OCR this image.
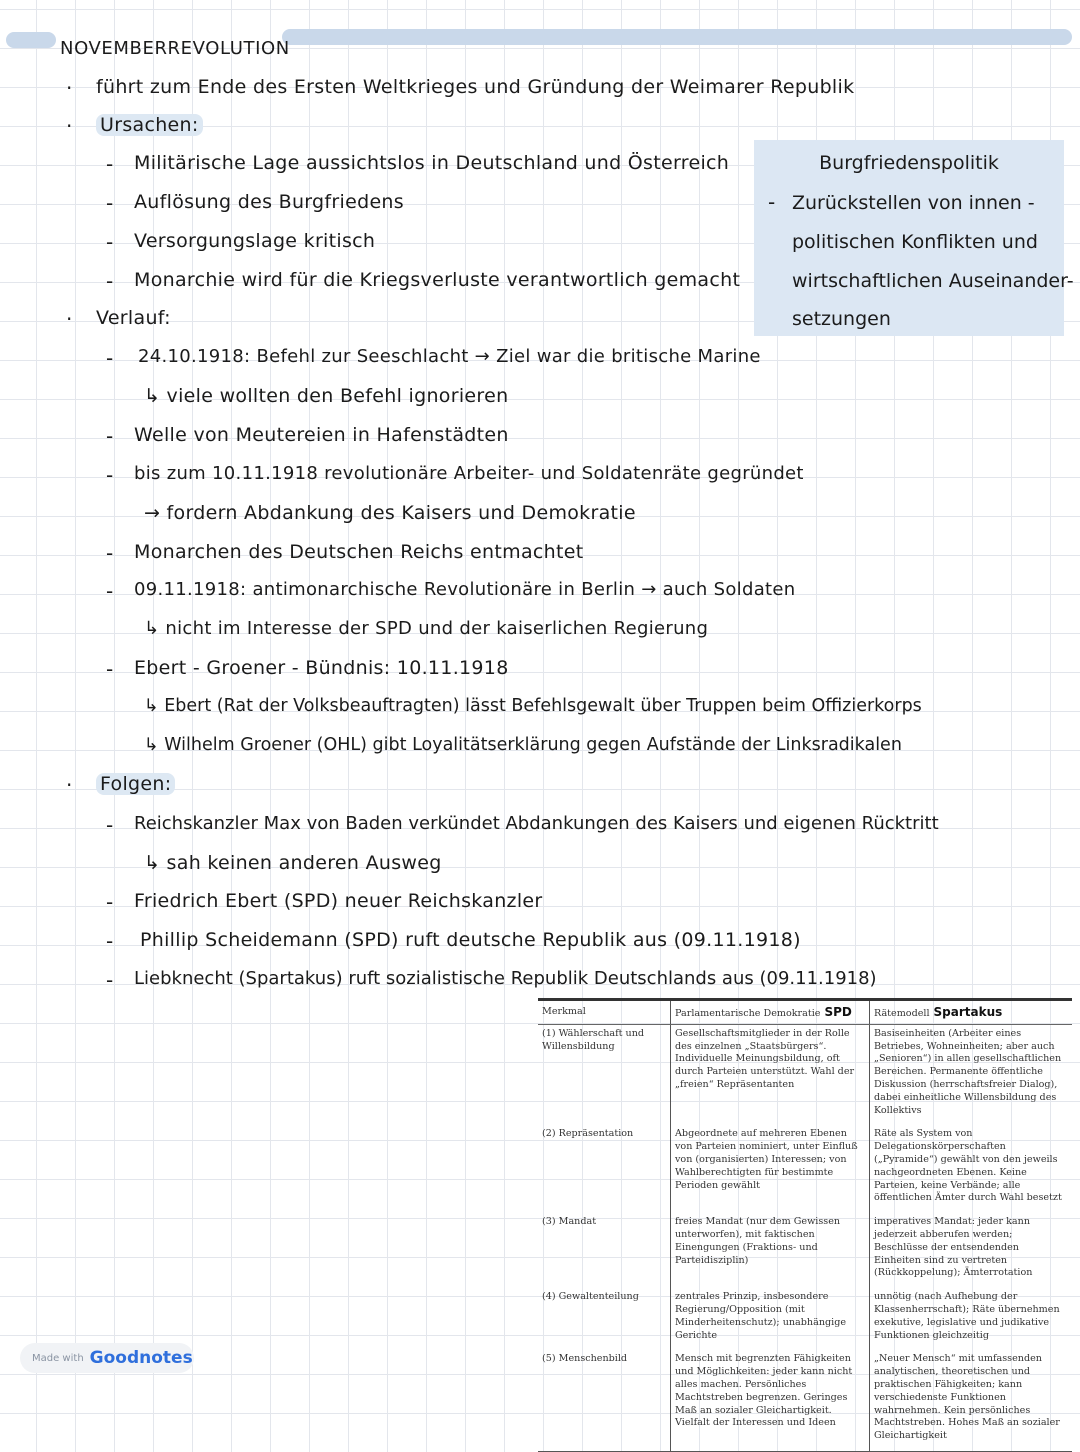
NOVEMBERREVOLUTION
· führt zum Ende des Ersten Weltkrieges und Gründung der Weimarer Republik
· Ursachen:
- Militärische Lage aussichtslos in Deutschland und Österreich
- Auflösung des Burgfriedens
- Versorgungslage kritisch
- Monarchie wird für die Kriegsverluste verantwortlich gemacht
Burgfriedenspolitik
- Zurückstellen von innen -
politischen Konflikten und
wirtschaftlichen Auseinander-
setzungen
· Verlauf:
- 24.10.1918: Befehl zur Seeschlacht → Ziel war die britische Marine
↳ viele wollten den Befehl ignorieren
- Welle von Meutereien in Hafenstädten
- bis zum 10.11.1918 revolutionäre Arbeiter- und Soldatenräte gegründet
→ fordern Abdankung des Kaisers und Demokratie
- Monarchen des Deutschen Reichs entmachtet
- 09.11.1918: antimonarchische Revolutionäre in Berlin → auch Soldaten
↳ nicht im Interesse der SPD und der kaiserlichen Regierung
- Ebert - Groener - Bündnis: 10.11.1918
↳ Ebert (Rat der Volksbeauftragten) lässt Befehlsgewalt über Truppen beim Offizierkorps
↳ Wilhelm Groener (OHL) gibt Loyalitätserklärung gegen Aufstände der Linksradikalen
· Folgen:
- Reichskanzler Max von Baden verkündet Abdankungen des Kaisers und eigenen Rücktritt
↳ sah keinen anderen Ausweg
- Friedrich Ebert (SPD) neuer Reichskanzler
- Phillip Scheidemann (SPD) ruft deutsche Republik aus (09.11.1918)
- Liebknecht (Spartakus) ruft sozialistische Republik Deutschlands aus (09.11.1918)
Merkmal	Parlamentarische Demokratie SPD	Rätemodell Spartakus
(1) Wählerschaft und Willensbildung	Gesellschaftsmitglieder in der Rolle des einzelnen „Staatsbürgers“. Individuelle Meinungsbildung, oft durch Parteien unterstützt. Wahl der „freien“ Repräsentanten	Basiseinheiten (Arbeiter eines Betriebes, Wohneinheiten; aber auch „Senioren“) in allen gesellschaftlichen Bereichen. Permanente öffentliche Diskussion (herrschaftsfreier Dialog), dabei einheitliche Willensbildung des Kollektivs
(2) Repräsentation	Abgeordnete auf mehreren Ebenen von Parteien nominiert, unter Einfluß von (organisierten) Interessen; von Wahlberechtigten für bestimmte Perioden gewählt	Räte als System von Delegationskörperschaften („Pyramide“) gewählt von den jeweils nachgeordneten Ebenen. Keine Parteien, keine Verbände; alle öffentlichen Ämter durch Wahl besetzt
(3) Mandat	freies Mandat (nur dem Gewissen unterworfen), mit faktischen Einengungen (Fraktions- und Parteidisziplin)	imperatives Mandat: jeder kann jederzeit abberufen werden; Beschlüsse der entsendenden Einheiten sind zu vertreten (Rückkoppelung); Ämterrotation
(4) Gewaltenteilung	zentrales Prinzip, insbesondere Regierung/Opposition (mit Minderheitenschutz); unabhängige Gerichte	unnötig (nach Aufhebung der Klassenherrschaft); Räte übernehmen exekutive, legislative und judikative Funktionen gleichzeitig
(5) Menschenbild	Mensch mit begrenzten Fähigkeiten und Möglichkeiten: jeder kann nicht alles machen. Persönliches Machtstreben begrenzen. Geringes Maß an sozialer Gleichartigkeit. Vielfalt der Interessen und Ideen	„Neuer Mensch“ mit umfassenden analytischen, theoretischen und praktischen Fähigkeiten; kann verschiedenste Funktionen wahrnehmen. Kein persönliches Machtstreben. Hohes Maß an sozialer Gleichartigkeit
Made with Goodnotes
